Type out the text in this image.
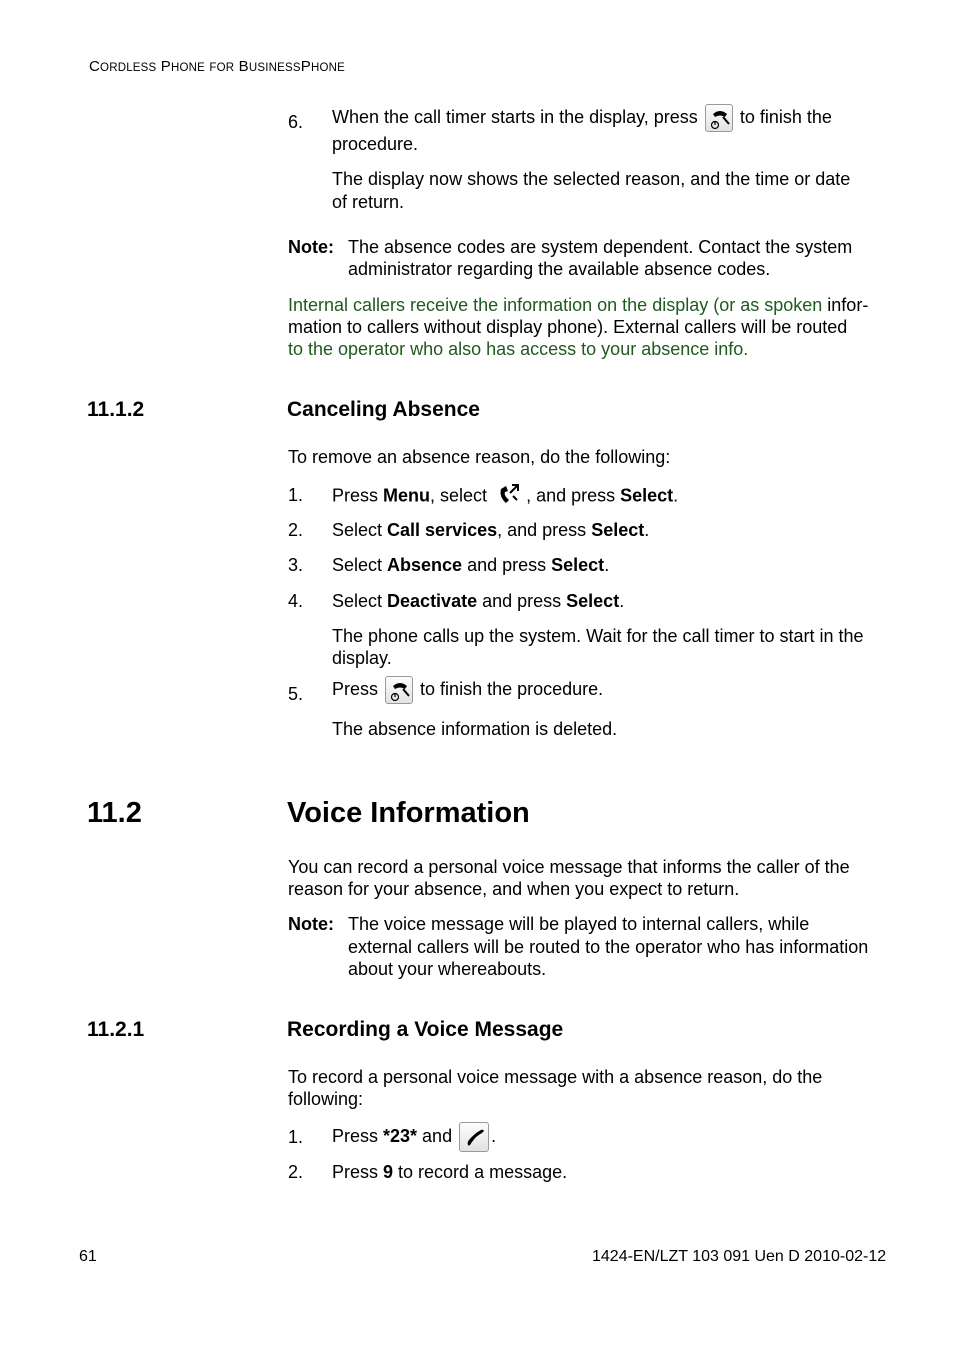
CORDLESS PHONE FOR BUSINESSPHONE
6.	When the call timer starts in the display, press to finish the
procedure.
The display now shows the selected reason, and the time or date
of return.
Note: The absence codes are system dependent. Contact the system
administrator regarding the available absence codes.
Internal callers receive the information on the display (or as spoken infor-
mation to callers without display phone). External callers will be routed
to the operator who also has access to your absence info.
11.1.2	Canceling Absence
To remove an absence reason, do the following:
1.	Press Menu, select , and press Select.
2.	Select Call services, and press Select.
3.	Select Absence and press Select.
4.	Select Deactivate and press Select.
The phone calls up the system. Wait for the call timer to start in the
display.
5.	Press to finish the procedure.
The absence information is deleted.
11.2	Voice Information
You can record a personal voice message that informs the caller of the
reason for your absence, and when you expect to return.
Note: The voice message will be played to internal callers, while
external callers will be routed to the operator who has information
about your whereabouts.
11.2.1	Recording a Voice Message
To record a personal voice message with a absence reason, do the
following:
1.	Press *23* and .
2.	Press 9 to record a message.
61	1424-EN/LZT 103 091 Uen D 2010-02-12
